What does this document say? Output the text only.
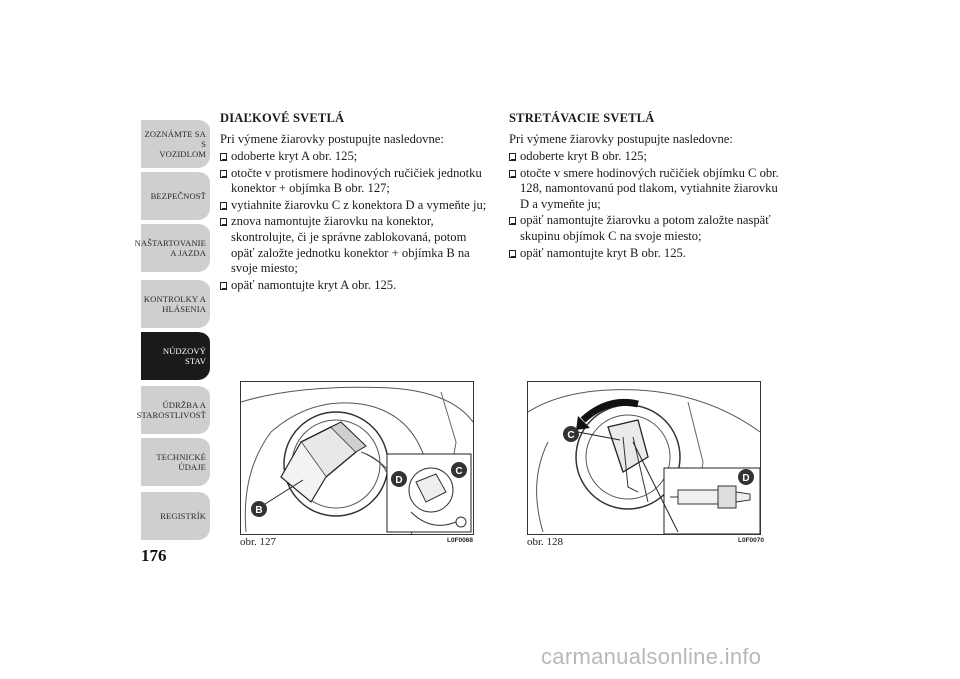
ZOZNÁMTE SA S
VOZIDLOM
BEZPEČNOSŤ
NAŠTARTOVANIE
A JAZDA
KONTROLKY A
HLÁSENIA
NÚDZOVÝ STAV
ÚDRŽBA A
STAROSTLIVOSŤ
TECHNICKÉ
ÚDAJE
REGISTRÍK
176

DIAĽKOVÉ SVETLÁ

Pri výmene žiarovky postupujte nasledovne:

odoberte kryt A obr. 125;
otočte v protismere hodinových ručičiek jednotku konektor + objímka B obr. 127;
vytiahnite žiarovku C z konektora D a vymeňte ju;
znova namontujte žiarovku na konektor, skontrolujte, či je správne zablokovaná, potom opäť založte jednotku konektor + objímka B na svoje miesto;
opäť namontujte kryt A obr. 125.

STRETÁVACIE SVETLÁ

Pri výmene žiarovky postupujte nasledovne:

odoberte kryt B obr. 125;
otočte v smere hodinových ručičiek objímku C obr. 128, namontovanú pod tlakom, vytiahnite žiarovku D a vymeňte ju;
opäť namontujte žiarovku a potom založte naspäť skupinu objímok C na svoje miesto;
opäť namontujte kryt B obr. 125.
B
D
C
obr. 127	L0F0068
C
D
obr. 128	L0F0070
carmanualsonline.info
